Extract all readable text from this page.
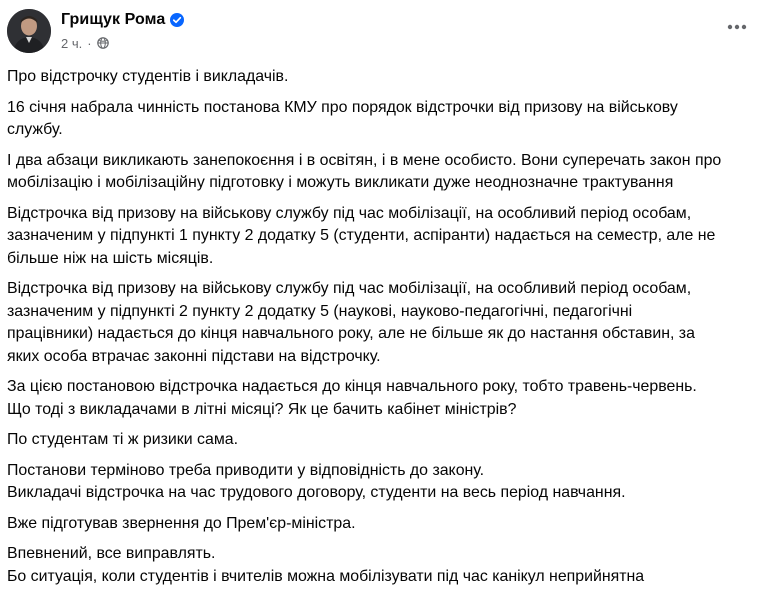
Грищук Рома
2 ч. ·

Про відстрочку студентів і викладачів.

16 січня набрала чинність постанова КМУ про порядок відстрочки від призову на військову
службу.

І два абзаци викликають занепокоєння і в освітян, і в мене особисто. Вони суперечать закон про
мобілізацію і мобілізаційну підготовку і можуть викликати дуже неоднозначне трактування

Відстрочка від призову на військову службу під час мобілізації, на особливий період особам,
зазначеним у підпункті 1 пункту 2 додатку 5 (студенти, аспіранти) надається на семестр, але не
більше ніж на шість місяців.

Відстрочка від призову на військову службу під час мобілізації, на особливий період особам,
зазначеним у підпункті 2 пункту 2 додатку 5 (наукові, науково-педагогічні, педагогічні
працівники) надається до кінця навчального року, але не більше як до настання обставин, за
яких особа втрачає законні підстави на відстрочку.

За цією постановою відстрочка надається до кінця навчального року, тобто травень-червень.
Що тоді з викладачами в літні місяці? Як це бачить кабінет міністрів?

По студентам ті ж ризики сама.

Постанови терміново треба приводити у відповідність до закону.
Викладачі відстрочка на час трудового договору, студенти на весь період навчання.

Вже підготував звернення до Прем'єр-міністра.

Впевнений, все виправлять.
Бо ситуація, коли студентів і вчителів можна мобілізувати під час канікул неприйнятна
